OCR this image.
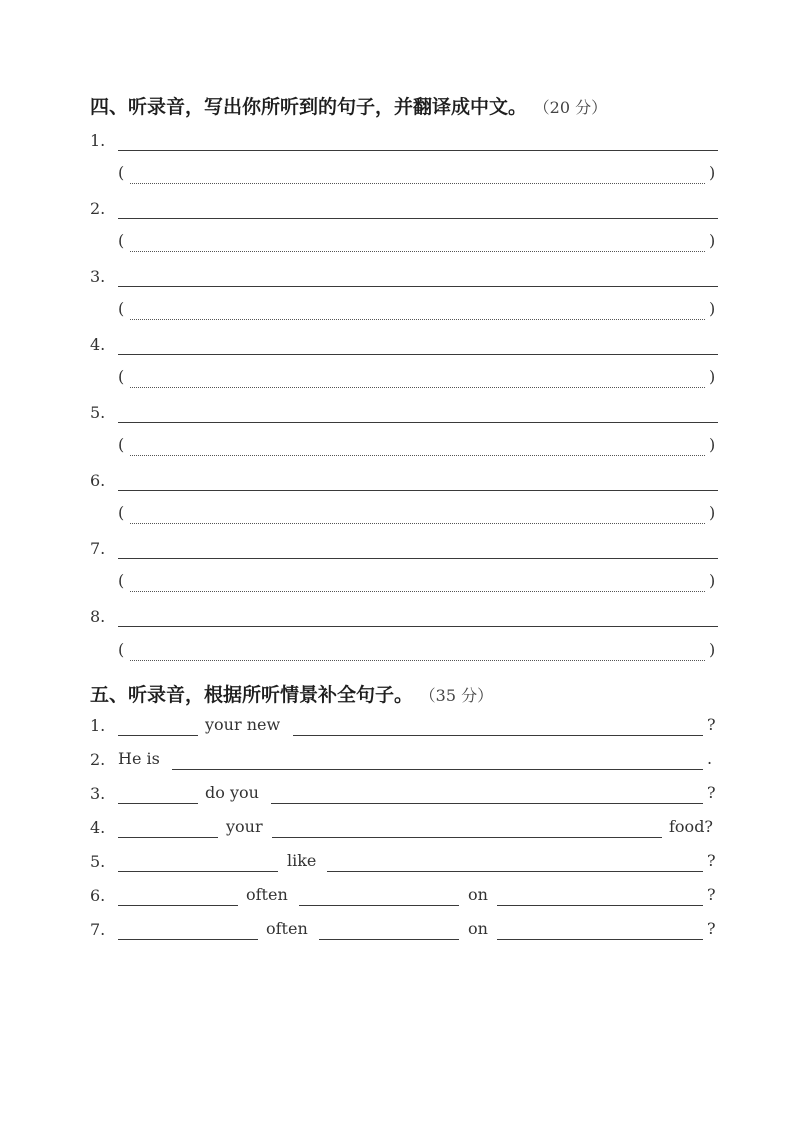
四、听录音，写出你所听到的句子，并翻译成中文。 （20 分）
1.
(	)
2.
(	)
3.
(	)
4.
(	)
5.
(	)
6.
(	)
7.
(	)
8.
(	)
五、听录音，根据所听情景补全句子。 （35 分）
1.	your new	?
2. He is	.
3.	do you	?
4.	your	food?
5.	like	?
6.	often	on	?
7.	often	on	?
